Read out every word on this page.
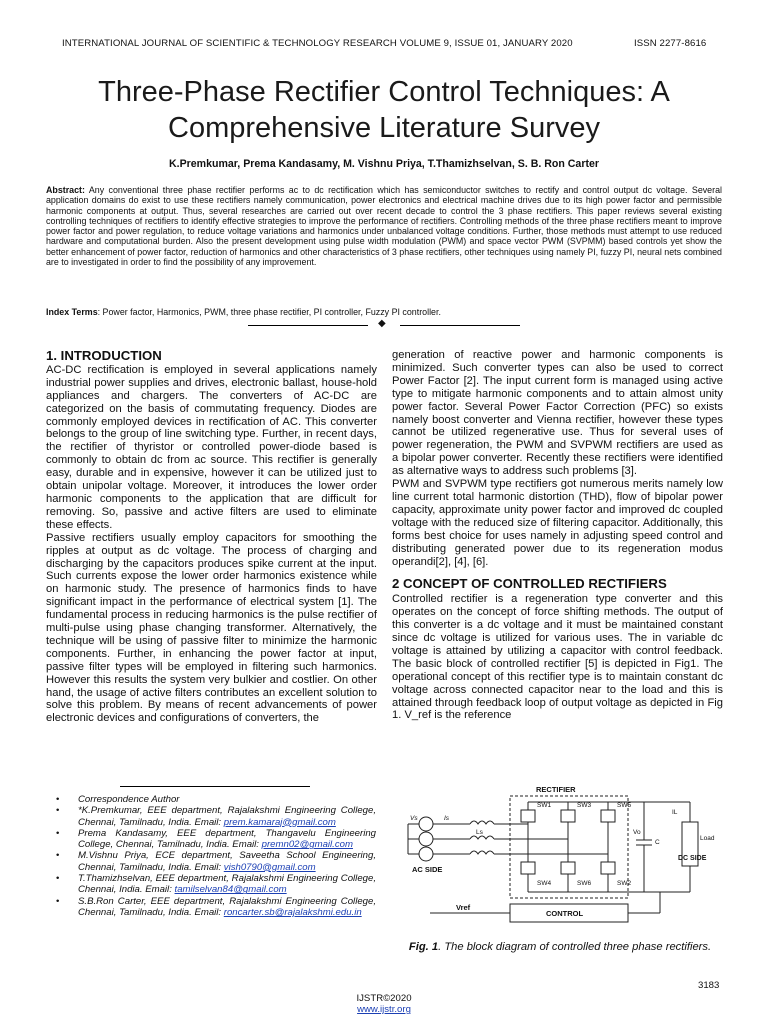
INTERNATIONAL JOURNAL OF SCIENTIFIC & TECHNOLOGY RESEARCH VOLUME 9, ISSUE 01, JANUARY 2020	ISSN 2277-8616
Three-Phase Rectifier Control Techniques: A
Comprehensive Literature Survey
K.Premkumar, Prema Kandasamy, M. Vishnu Priya, T.Thamizhselvan, S. B. Ron Carter
Abstract: Any conventional three phase rectifier performs ac to dc rectification which has semiconductor switches to rectify and control output dc voltage. Several application domains do exist to use these rectifiers namely communication, power electronics and electrical machine drives due to its high power factor and permissible harmonic components at output. Thus, several researches are carried out over recent decade to control the 3 phase rectifiers. This paper reviews several existing controlling techniques of rectifiers to identify effective strategies to improve the performance of rectifiers. Controlling methods of the three phase rectifiers meant to improve power factor and power regulation, to reduce voltage variations and harmonics under unbalanced voltage conditions. Further, those methods must attempt to use reduced hardware and computational burden. Also the present development using pulse width modulation (PWM) and space vector PWM (SVPMM) based controls yet show the better enhancement of power factor, reduction of harmonics and other characteristics of 3 phase rectifiers, other techniques using namely PI, fuzzy PI, neural nets combined are to investigated in order to find the possibility of any improvement.
Index Terms: Power factor, Harmonics, PWM, three phase rectifier, PI controller, Fuzzy PI controller.
◆
1. INTRODUCTION

AC-DC rectification is employed in several applications namely industrial power supplies and drives, electronic ballast, house-hold appliances and chargers. The converters of AC-DC are categorized on the basis of commutating frequency. Diodes are commonly employed devices in rectification of AC. This converter belongs to the group of line switching type. Further, in recent days, the rectifier of thyristor or controlled power-diode based is commonly to obtain dc from ac source. This rectifier is generally easy, durable and in expensive, however it can be utilized just to obtain unipolar voltage. Moreover, it introduces the lower order harmonic components to the application that are difficult for removing. So, passive and active filters are used to eliminate these effects.

Passive rectifiers usually employ capacitors for smoothing the ripples at output as dc voltage. The process of charging and discharging by the capacitors produces spike current at the input. Such currents expose the lower order harmonics existence while on harmonic study. The presence of harmonics finds to have significant impact in the performance of electrical system [1]. The fundamental process in reducing harmonics is the pulse rectifier of multi-pulse using phase changing transformer. Alternatively, the technique will be using of passive filter to minimize the harmonic components. Further, in enhancing the power factor at input, passive filter types will be employed in filtering such harmonics. However this results the system very bulkier and costlier. On other hand, the usage of active filters contributes an excellent solution to solve this problem. By means of recent advancements of power electronic devices and configurations of converters, the

generation of reactive power and harmonic components is minimized. Such converter types can also be used to correct Power Factor [2]. The input current form is managed using active type to mitigate harmonic components and to attain almost unity power factor. Several Power Factor Correction (PFC) so exists namely boost converter and Vienna rectifier, however these types cannot be utilized regenerative use. Thus for several uses of power regeneration, the PWM and SVPWM rectifiers are used as a bipolar power converter. Recently these rectifiers were identified as alternative ways to address such problems [3].

PWM and SVPWM type rectifiers got numerous merits namely low line current total harmonic distortion (THD), flow of bipolar power capacity, approximate unity power factor and improved dc coupled voltage with the reduced size of filtering capacitor. Additionally, this forms best choice for uses namely in adjusting speed control and distributing generated power due to its regeneration modus operandi[2], [4], [6].

2 CONCEPT OF CONTROLLED RECTIFIERS

Controlled rectifier is a regeneration type converter and this operates on the concept of force shifting methods. The output of this converter is a dc voltage and it must be maintained constant since dc voltage is utilized for various uses. The in variable dc voltage is attained by utilizing a capacitor with control feedback. The basic block of controlled rectifier [5] is depicted in Fig1. The operational concept of this rectifier type is to maintain constant dc voltage across connected capacitor near to the load and this is attained through feedback loop of output voltage as depicted in Fig 1. V_ref is the reference

• Correspondence Author
• *K.Premkumar, EEE department, Rajalakshmi Engineering College, Chennai, Tamilnadu, India. Email: prem.kamaraj@gmail.com
• Prema Kandasamy, EEE department, Thangavelu Engineering College, Chennai, Tamilnadu, India. Email: premn02@gmail.com
• M.Vishnu Priya, ECE department, Saveetha School Engineering, Chennai, Tamilnadu, India. Email: vish0790@gmail.com
• T.Thamizhselvan, EEE department, Rajalakshmi Engineering College, Chennai, India. Email: tamilselvan84@gmail.com
• S.B.Ron Carter, EEE department, Rajalakshmi Engineering College, Chennai, Tamilnadu, India. Email: roncarter.sb@rajalakshmi.edu.in
RECTIFIER
Vs	Is
Ls
AC SIDE
SW1	SW3	SW5
SW4	SW6	SW2
Vo
C
IL
Load
DC SIDE
CONTROL
Vref
Fig. 1. The block diagram of controlled three phase rectifiers.
3183
IJSTR©2020
www.ijstr.org
